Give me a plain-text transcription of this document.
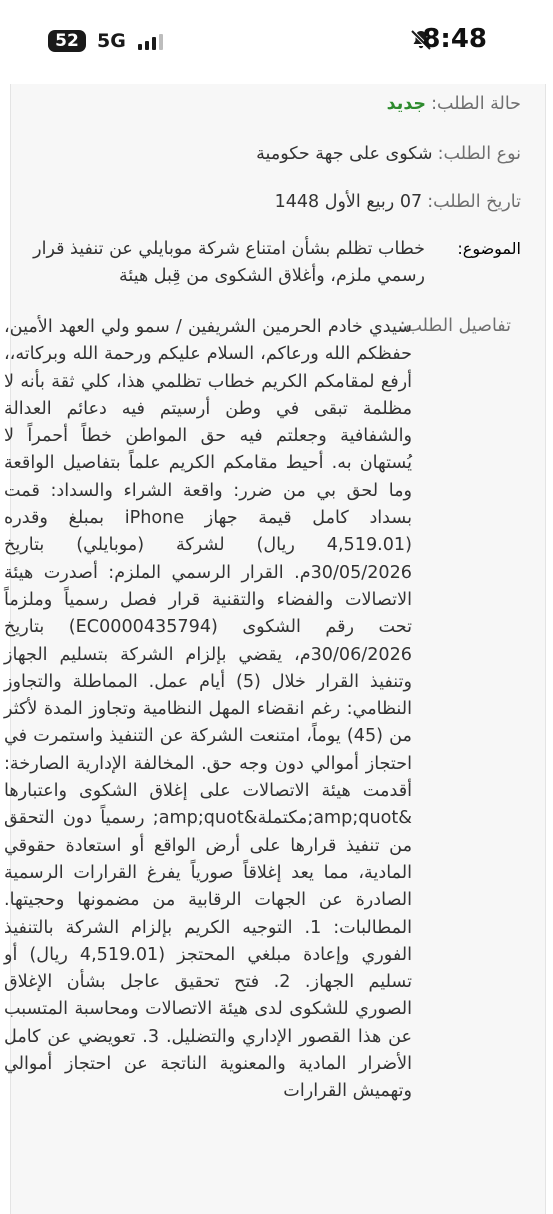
52 5G	8:48
حالة الطلب: جديد
نوع الطلب: شكوى على جهة حكومية
تاريخ الطلب: 07 ربيع الأول 1448
الموضوع:
خطاب تظلم بشأن امتناع شركة موبايلي عن تنفيذ قرار رسمي ملزم، وأغلاق الشكوى من قِبل هيئة
تفاصيل الطلب:
سيدي خادم الحرمين الشريفين / سمو ولي العهد الأمين، حفظكم الله ورعاكم، السلام عليكم ورحمة الله وبركاته،، أرفع لمقامكم الكريم خطاب تظلمي هذا، كلي ثقة بأنه لا مظلمة تبقى في وطن أرسيتم فيه دعائم العدالة والشفافية وجعلتم فيه حق المواطن خطاً أحمراً لا يُستهان به. أحيط مقامكم الكريم علماً بتفاصيل الواقعة وما لحق بي من ضرر: واقعة الشراء والسداد: قمت بسداد كامل قيمة جهاز iPhone بمبلغ وقدره (4,519.01 ريال) لشركة (موبايلي) بتاريخ 30/05/2026م. القرار الرسمي الملزم: أصدرت هيئة الاتصالات والفضاء والتقنية قرار فصل رسمياً وملزماً تحت رقم الشكوى (EC0000435794) بتاريخ 30/06/2026م، يقضي بإلزام الشركة بتسليم الجهاز وتنفيذ القرار خلال (5) أيام عمل. المماطلة والتجاوز النظامي: رغم انقضاء المهل النظامية وتجاوز المدة لأكثر من (45) يوماً، امتنعت الشركة عن التنفيذ واستمرت في احتجاز أموالي دون وجه حق. المخالفة الإدارية الصارخة: أقدمت هيئة الاتصالات على إغلاق الشكوى واعتبارها &amp;quot;مكتملة&amp;quot; رسمياً دون التحقق من تنفيذ قرارها على أرض الواقع أو استعادة حقوقي المادية، مما يعد إغلاقاً صورياً يفرغ القرارات الرسمية الصادرة عن الجهات الرقابية من مضمونها وحجيتها. المطالبات: 1. التوجيه الكريم بإلزام الشركة بالتنفيذ الفوري وإعادة مبلغي المحتجز (4,519.01 ريال) أو تسليم الجهاز. 2. فتح تحقيق عاجل بشأن الإغلاق الصوري للشكوى لدى هيئة الاتصالات ومحاسبة المتسبب عن هذا القصور الإداري والتضليل. 3. تعويضي عن كامل الأضرار المادية والمعنوية الناتجة عن احتجاز أموالي وتهميش القرارات
